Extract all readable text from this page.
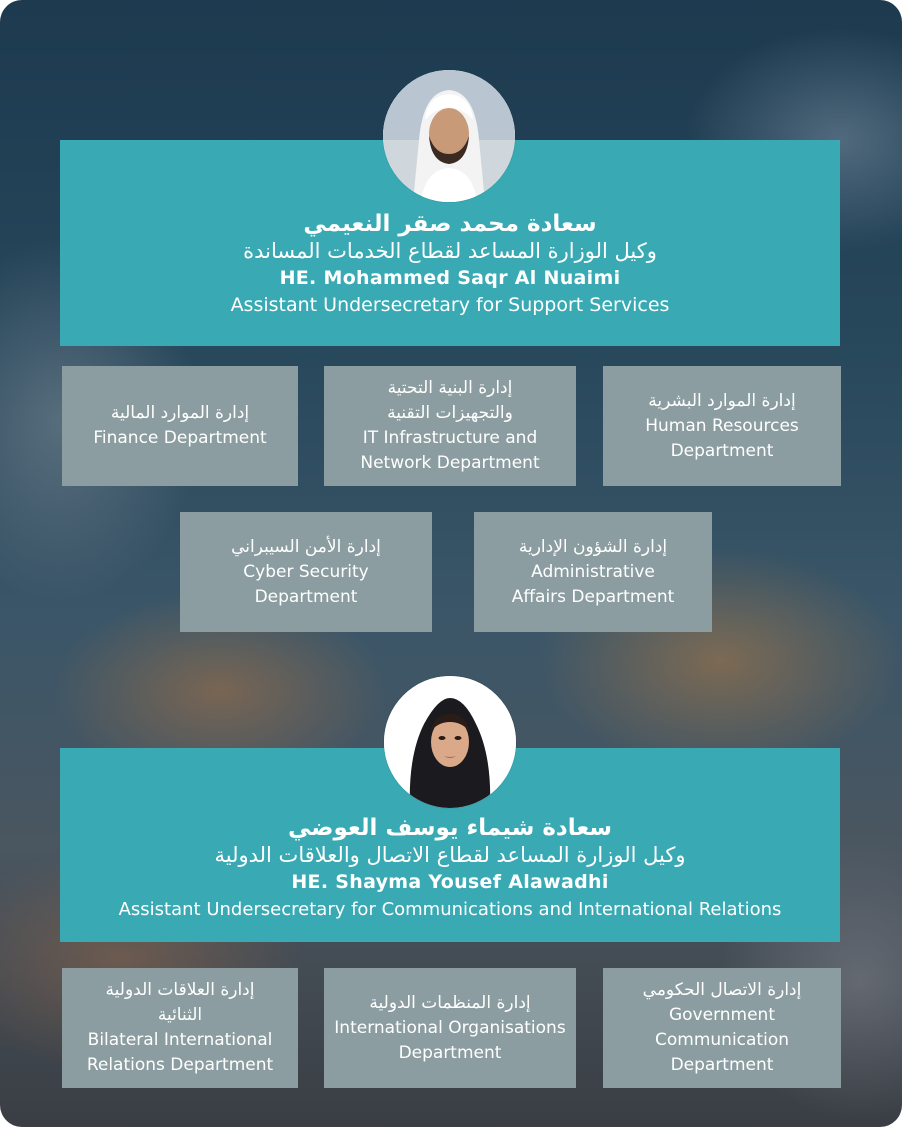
سعادة محمد صقر النعيمي
وكيل الوزارة المساعد لقطاع الخدمات المساندة
HE. Mohammed Saqr Al Nuaimi
Assistant Undersecretary for Support Services
إدارة الموارد المالية
Finance Department
إدارة البنية التحتية
والتجهيزات التقنية
IT Infrastructure and
Network Department
إدارة الموارد البشرية
Human Resources
Department
إدارة الأمن السيبراني
Cyber Security
Department
إدارة الشؤون الإدارية
Administrative
Affairs Department
سعادة شيماء يوسف العوضي
وكيل الوزارة المساعد لقطاع الاتصال والعلاقات الدولية
HE. Shayma Yousef Alawadhi
Assistant Undersecretary for Communications and International Relations
إدارة العلاقات الدولية
الثنائية
Bilateral International
Relations Department
إدارة المنظمات الدولية
International Organisations
Department
إدارة الاتصال الحكومي
Government
Communication
Department
